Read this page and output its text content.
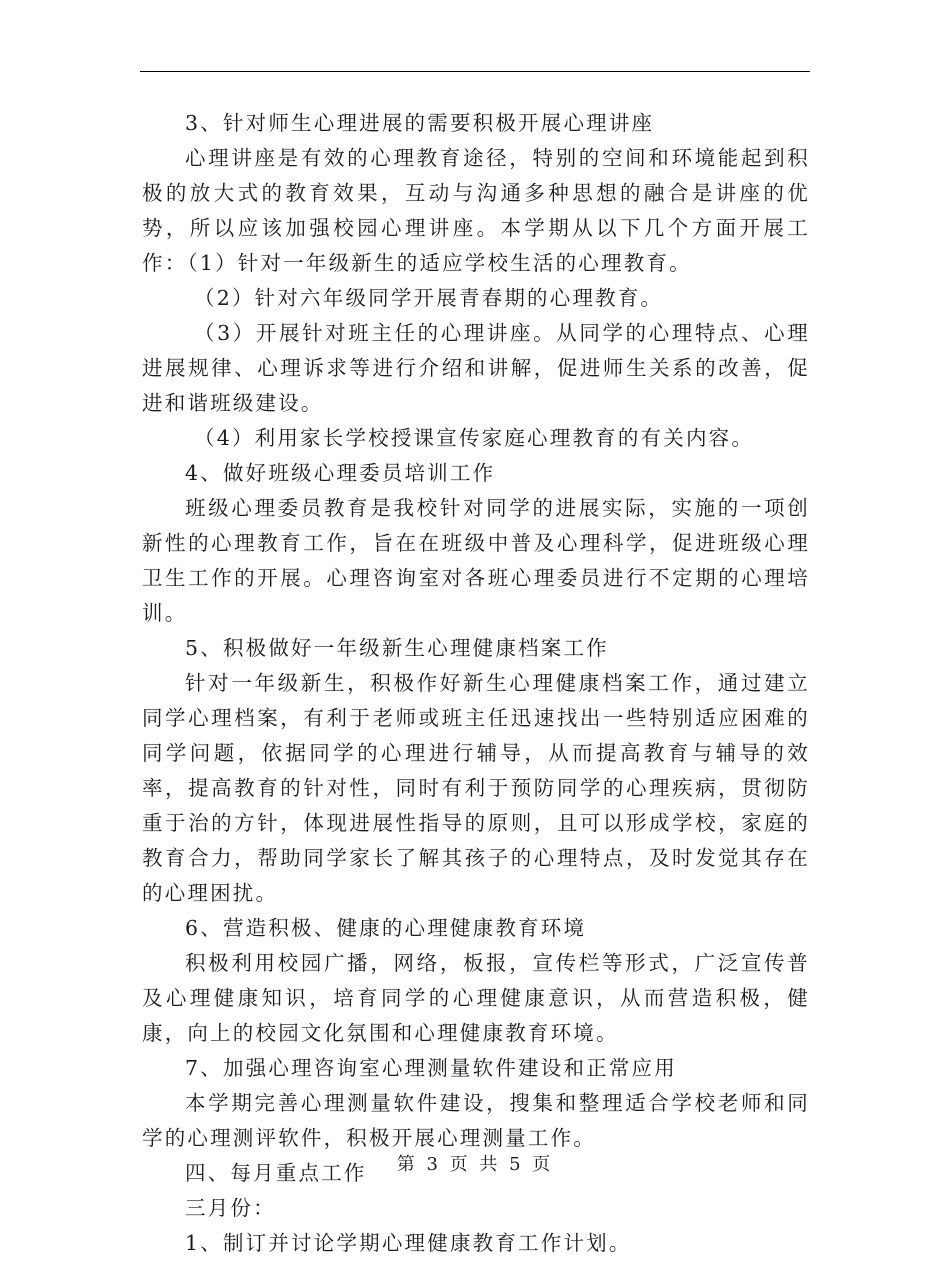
3、针对师生心理进展的需要积极开展心理讲座

心理讲座是有效的心理教育途径，特别的空间和环境能起到积极的放大式的教育效果，互动与沟通多种思想的融合是讲座的优势，所以应该加强校园心理讲座。本学期从以下几个方面开展工作：（1）针对一年级新生的适应学校生活的心理教育。

（2）针对六年级同学开展青春期的心理教育。

（3）开展针对班主任的心理讲座。从同学的心理特点、心理进展规律、心理诉求等进行介绍和讲解，促进师生关系的改善，促进和谐班级建设。

（4）利用家长学校授课宣传家庭心理教育的有关内容。

4、做好班级心理委员培训工作

班级心理委员教育是我校针对同学的进展实际，实施的一项创新性的心理教育工作，旨在在班级中普及心理科学，促进班级心理卫生工作的开展。心理咨询室对各班心理委员进行不定期的心理培训。

5、积极做好一年级新生心理健康档案工作

针对一年级新生，积极作好新生心理健康档案工作，通过建立同学心理档案，有利于老师或班主任迅速找出一些特别适应困难的同学问题，依据同学的心理进行辅导，从而提高教育与辅导的效率，提高教育的针对性，同时有利于预防同学的心理疾病，贯彻防重于治的方针，体现进展性指导的原则，且可以形成学校，家庭的教育合力，帮助同学家长了解其孩子的心理特点，及时发觉其存在的心理困扰。

6、营造积极、健康的心理健康教育环境

积极利用校园广播，网络，板报，宣传栏等形式，广泛宣传普及心理健康知识，培育同学的心理健康意识，从而营造积极，健康，向上的校园文化氛围和心理健康教育环境。

7、加强心理咨询室心理测量软件建设和正常应用

本学期完善心理测量软件建设，搜集和整理适合学校老师和同学的心理测评软件，积极开展心理测量工作。

四、每月重点工作

三月份：

1、制订并讨论学期心理健康教育工作计划。

第 3 页 共 5 页
